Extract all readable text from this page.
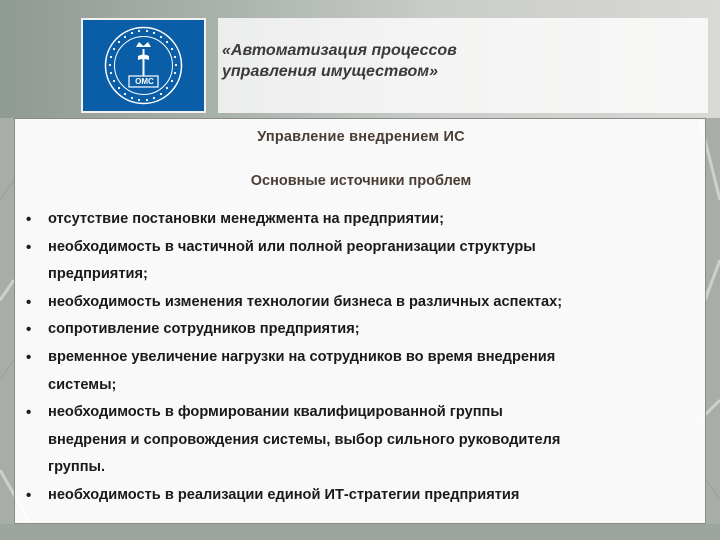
ОМС
«Автоматизация процессов
управления имуществом»
Управление внедрением ИС
Основные источники проблем
• отсутствие постановки менеджмента на предприятии;
• необходимость в частичной или полной реорганизации структуры
предприятия;
• необходимость изменения технологии бизнеса в различных аспектах;
• сопротивление сотрудников предприятия;
• временное увеличение нагрузки на сотрудников во время внедрения
системы;
• необходимость в формировании квалифицированной группы
внедрения и сопровождения системы, выбор сильного руководителя
группы.
• необходимость в реализации единой ИТ-стратегии предприятия
